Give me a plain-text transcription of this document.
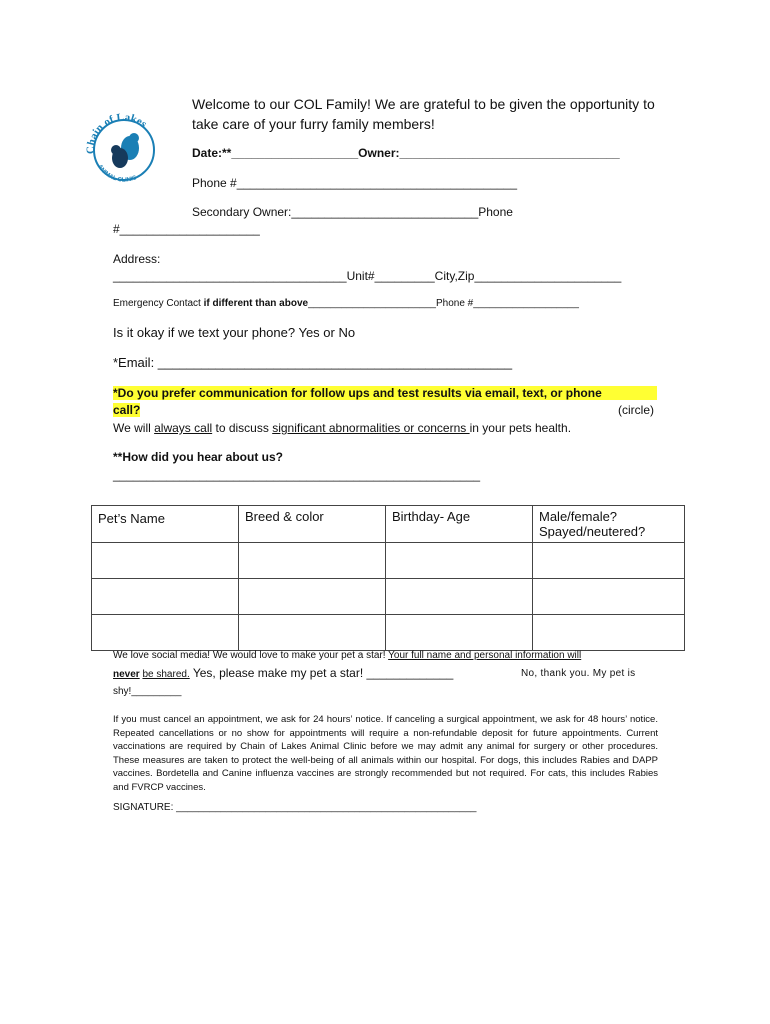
Chain of Lakes
ANIMAL CLINIC
Welcome to our COL Family! We are grateful to be given the opportunity to take care of your furry family members!
Date:**___________________Owner:_________________________________
Phone #__________________________________________
Secondary Owner:____________________________Phone
#_____________________
Address:
___________________________________Unit#_________City,Zip______________________
Emergency Contact if different than above_______________________Phone #___________________
Is it okay if we text your phone? Yes or No
*Email: _________________________________________________
*Do you prefer communication for follow ups and test results via email, text, or phone
call?	(circle)
We will always call to discuss significant abnormalities or concerns in your pets health.
**How did you hear about us?
_______________________________________________________
Pet’s Name	Breed & color	Birthday- Age	Male/female? Spayed/neutered?

We love social media! We would love to make your pet a star! Your full name and personal information will
never be shared. Yes, please make my pet a star! _____________	No, thank you. My pet is
shy!_________
If you must cancel an appointment, we ask for 24 hours’ notice. If canceling a surgical appointment, we ask for 48 hours’ notice. Repeated cancellations or no show for appointments will require a non-refundable deposit for future appointments. Current vaccinations are required by Chain of Lakes Animal Clinic before we may admit any animal for surgery or other procedures. These measures are taken to protect the well-being of all animals within our hospital. For dogs, this includes Rabies and DAPP vaccines. Bordetella and Canine influenza vaccines are strongly recommended but not required. For cats, this includes Rabies and FVRCP vaccines.
SIGNATURE: ______________________________________________________
